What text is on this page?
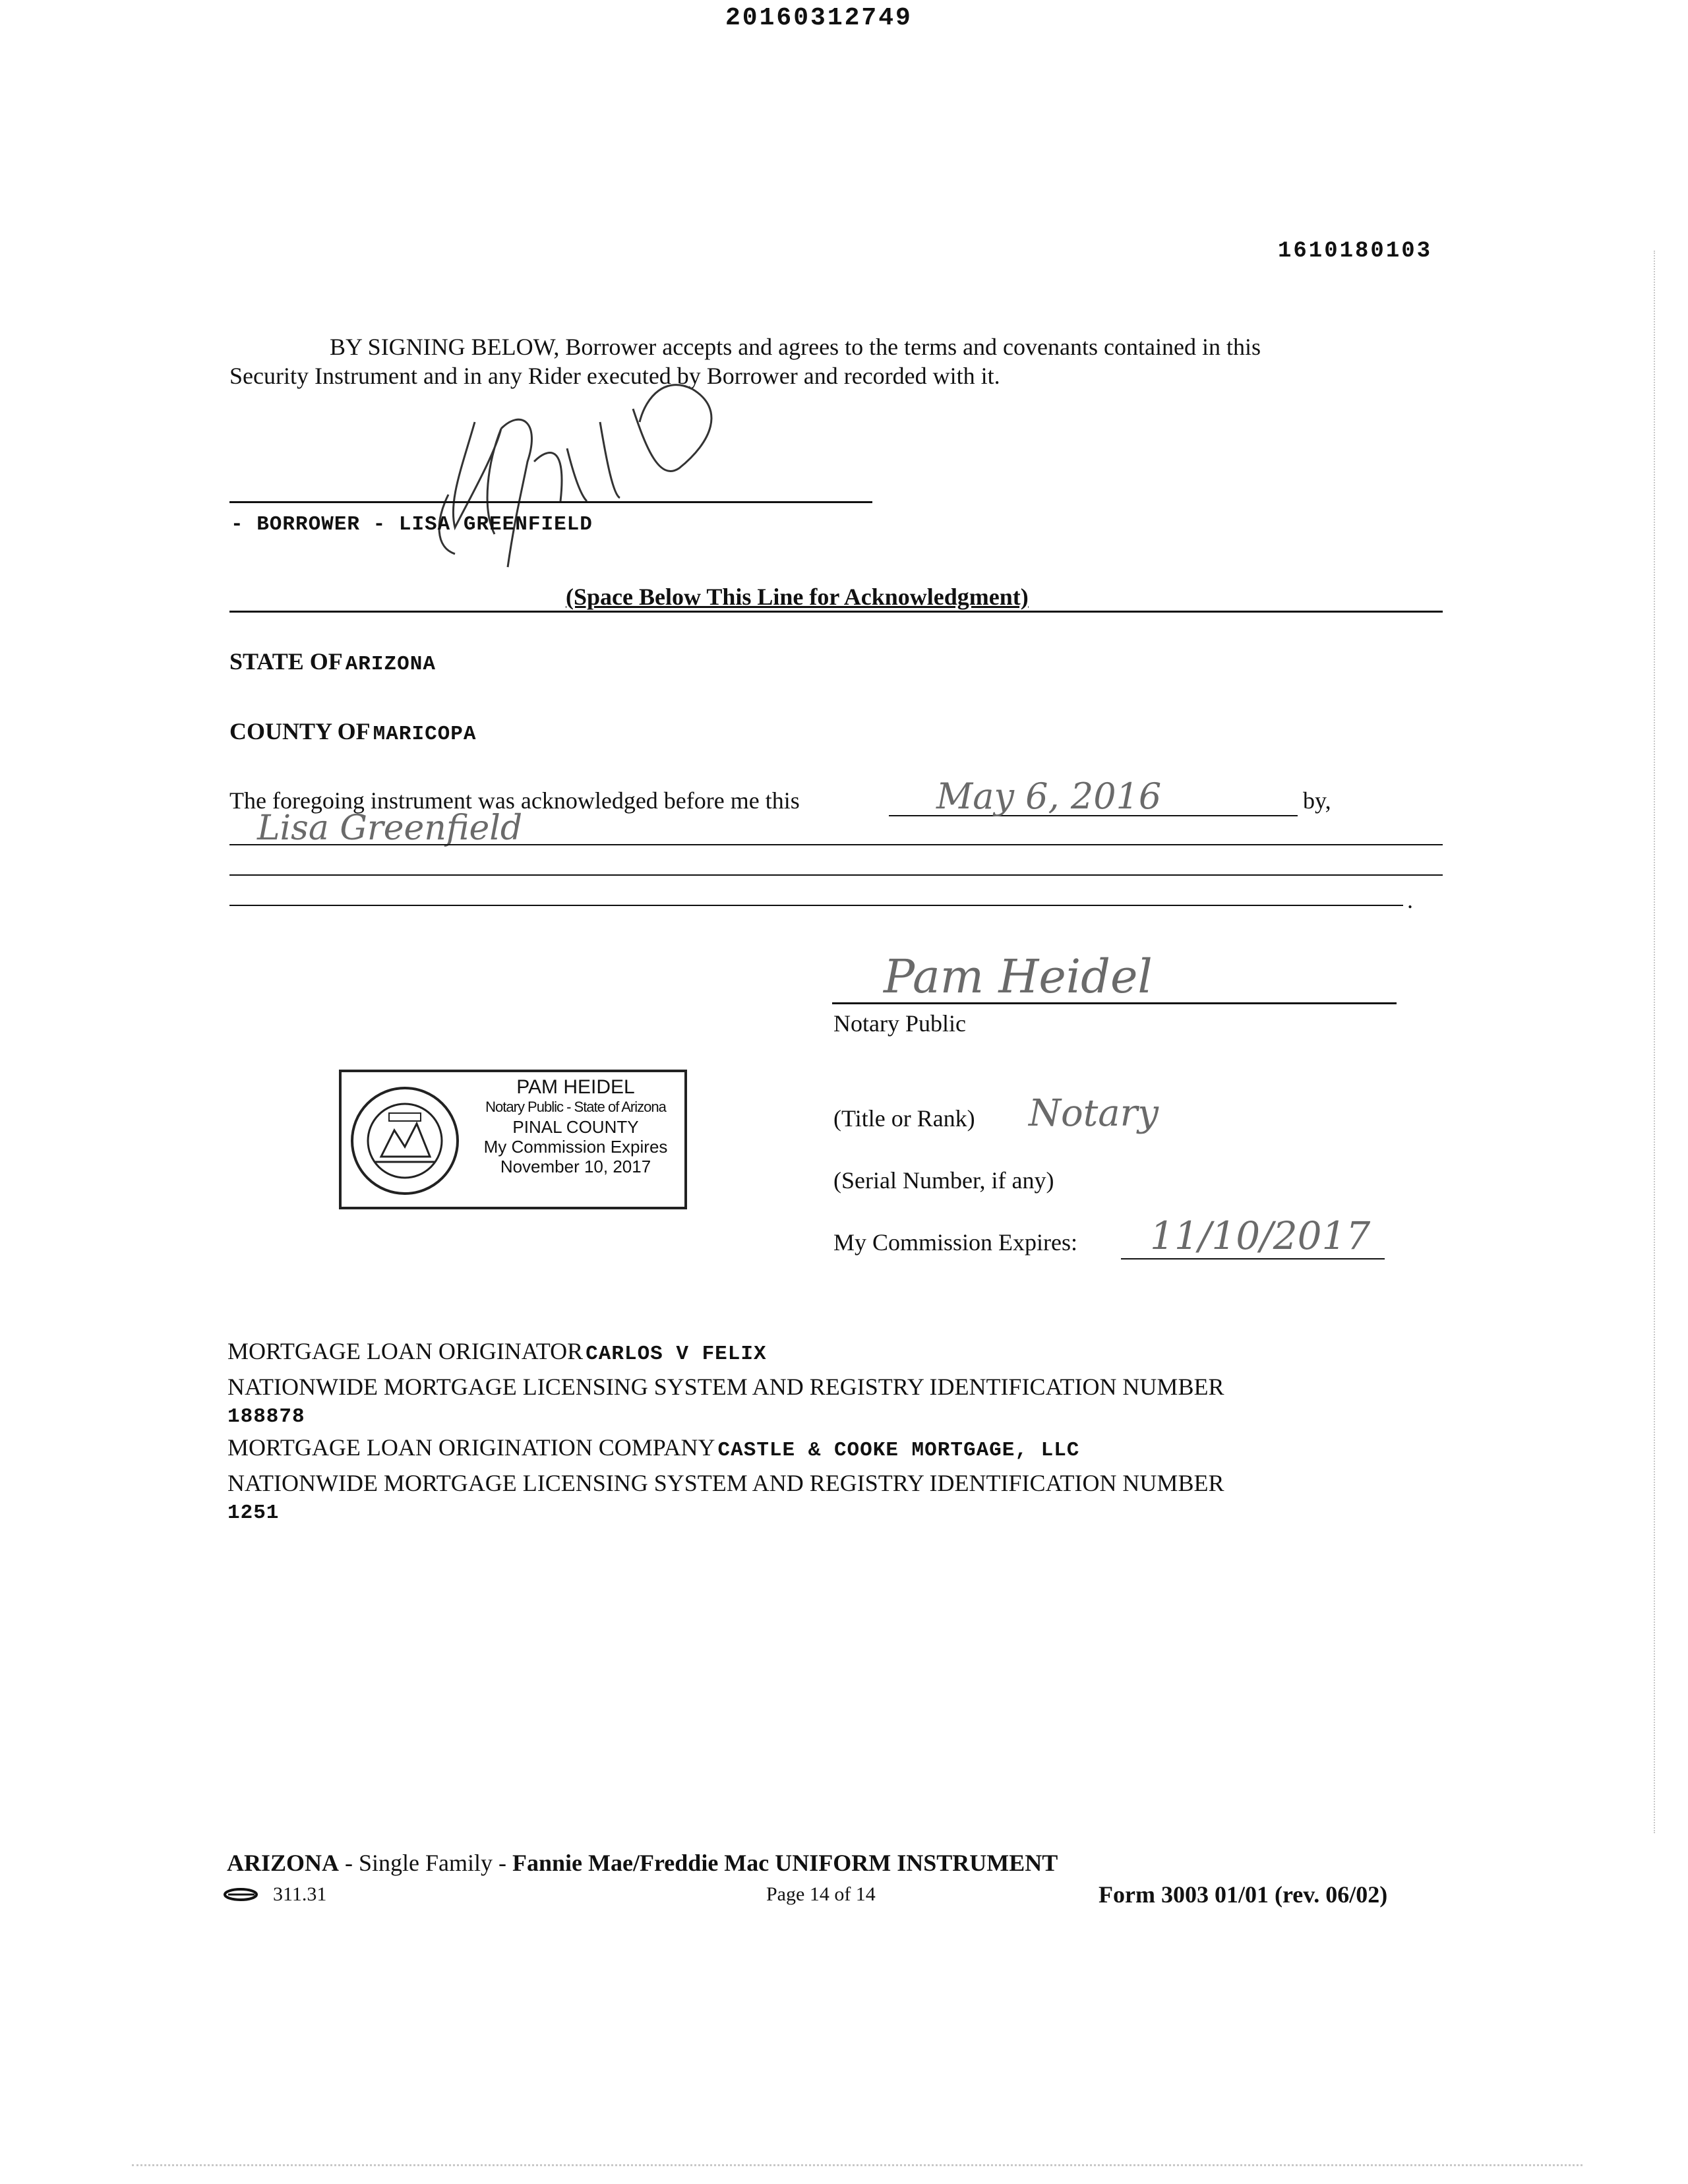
20160312749
1610180103
BY SIGNING BELOW, Borrower accepts and agrees to the terms and covenants contained in this
Security Instrument and in any Rider executed by Borrower and recorded with it.
- BORROWER - LISA GREENFIELD
(Space Below This Line for Acknowledgment)
STATE OF ARIZONA
COUNTY OF MARICOPA
The foregoing instrument was acknowledged before me this	May 6, 2016	by,
Lisa Greenfield
.
Pam Heidel
Notary Public
PAM HEIDEL
Notary Public - State of Arizona
PINAL COUNTY
My Commission Expires
November 10, 2017
(Title or Rank) Notary
(Serial Number, if any)
My Commission Expires: 11/10/2017
MORTGAGE LOAN ORIGINATOR CARLOS V FELIX
NATIONWIDE MORTGAGE LICENSING SYSTEM AND REGISTRY IDENTIFICATION NUMBER
188878
MORTGAGE LOAN ORIGINATION COMPANY CASTLE & COOKE MORTGAGE, LLC
NATIONWIDE MORTGAGE LICENSING SYSTEM AND REGISTRY IDENTIFICATION NUMBER
1251
ARIZONA - Single Family - Fannie Mae/Freddie Mac UNIFORM INSTRUMENT
311.31	Page 14 of 14	Form 3003 01/01 (rev. 06/02)
